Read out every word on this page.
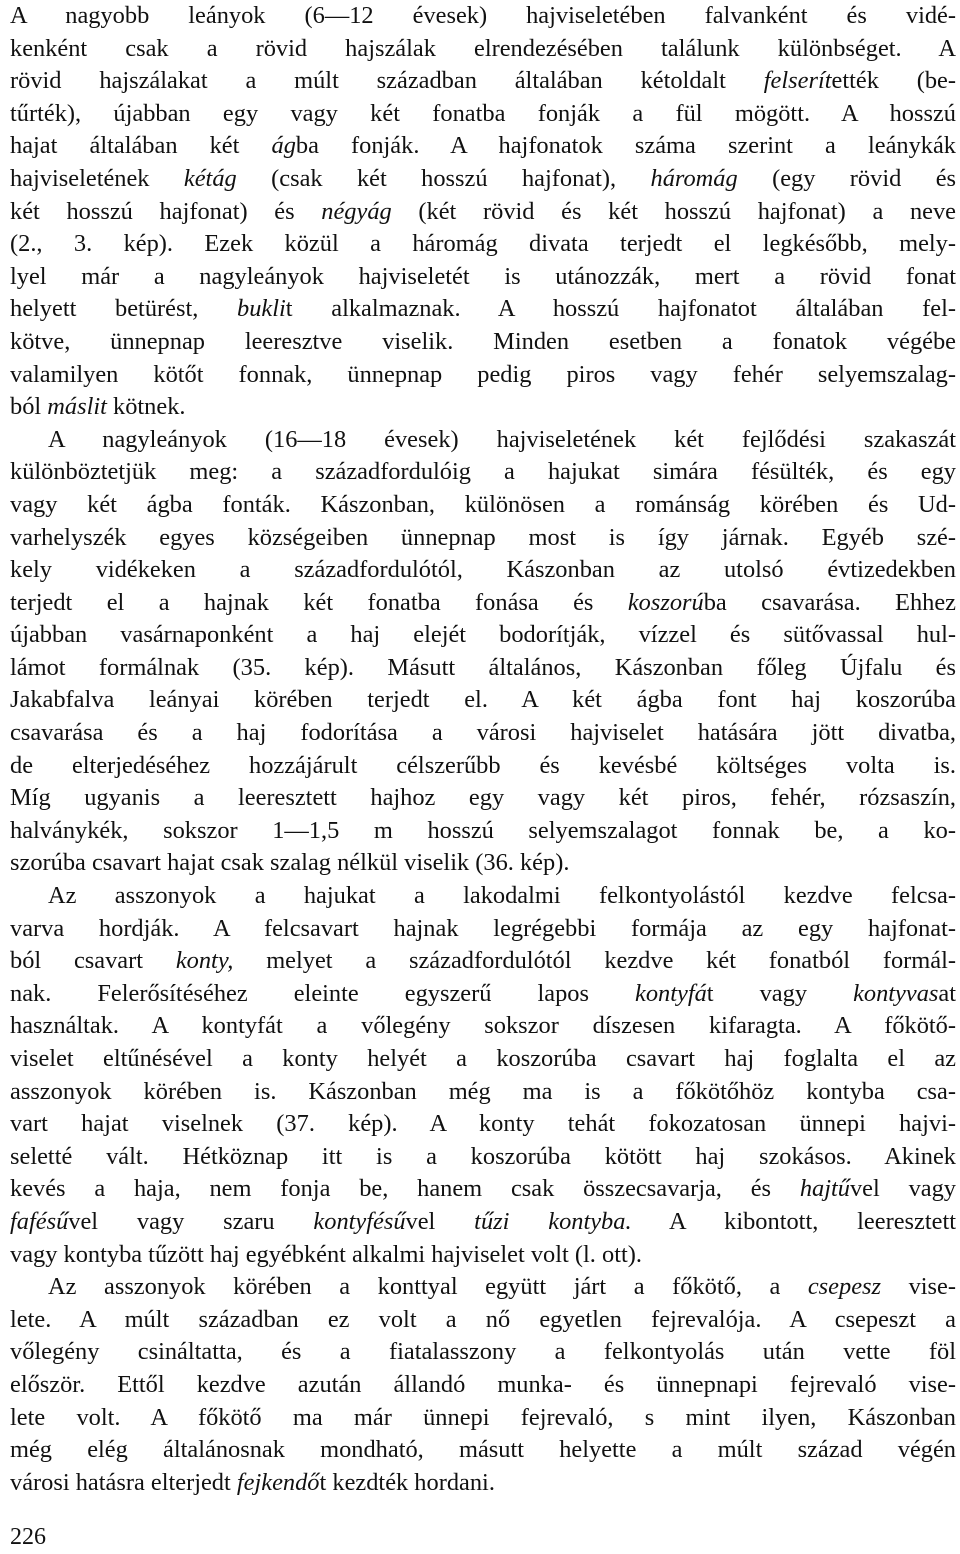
A nagyobb leányok (6—12 évesek) hajviseletében falvanként és vidé-
kenként csak a rövid hajszálak elrendezésében találunk különbséget. A
rövid hajszálakat a múlt században általában kétoldalt felserítették (be-
tűrték), újabban egy vagy két fonatba fonják a fül mögött. A hosszú
hajat általában két ágba fonják. A hajfonatok száma szerint a leánykák
hajviseletének kétág (csak két hosszú hajfonat), háromág (egy rövid és
két hosszú hajfonat) és négyág (két rövid és két hosszú hajfonat) a neve
(2., 3. kép). Ezek közül a háromág divata terjedt el legkésőbb, mely-
lyel már a nagyleányok hajviseletét is utánozzák, mert a rövid fonat
helyett betürést, buklit alkalmaznak. A hosszú hajfonatot általában fel-
kötve, ünnepnap leeresztve viselik. Minden esetben a fonatok végébe
valamilyen kötőt fonnak, ünnepnap pedig piros vagy fehér selyemszalag-
ból máslit kötnek.
A nagyleányok (16—18 évesek) hajviseletének két fejlődési szakaszát
különböztetjük meg: a századfordulóig a hajukat simára fésülték, és egy
vagy két ágba fonták. Kászonban, különösen a románság körében és Ud-
varhelyszék egyes községeiben ünnepnap most is így járnak. Egyéb szé-
kely vidékeken a századfordulótól, Kászonban az utolsó évtizedekben
terjedt el a hajnak két fonatba fonása és koszorúba csavarása. Ehhez
újabban vasárnaponként a haj elejét bodorítják, vízzel és sütővassal hul-
lámot formálnak (35. kép). Másutt általános, Kászonban főleg Újfalu és
Jakabfalva leányai körében terjedt el. A két ágba font haj koszorúba
csavarása és a haj fodorítása a városi hajviselet hatására jött divatba,
de elterjedéséhez hozzájárult célszerűbb és kevésbé költséges volta is.
Míg ugyanis a leeresztett hajhoz egy vagy két piros, fehér, rózsaszín,
halványkék, sokszor 1—1,5 m hosszú selyemszalagot fonnak be, a ko-
szorúba csavart hajat csak szalag nélkül viselik (36. kép).
Az asszonyok a hajukat a lakodalmi felkontyolástól kezdve felcsa-
varva hordják. A felcsavart hajnak legrégebbi formája az egy hajfonat-
ból csavart konty, melyet a századfordulótól kezdve két fonatból formál-
nak. Felerősítéséhez eleinte egyszerű lapos kontyfát vagy kontyvasat
használtak. A kontyfát a vőlegény sokszor díszesen kifaragta. A főkötő-
viselet eltűnésével a konty helyét a koszorúba csavart haj foglalta el az
asszonyok körében is. Kászonban még ma is a főkötőhöz kontyba csa-
vart hajat viselnek (37. kép). A konty tehát fokozatosan ünnepi hajvi-
seletté vált. Hétköznap itt is a koszorúba kötött haj szokásos. Akinek
kevés a haja, nem fonja be, hanem csak összecsavarja, és hajtűvel vagy
fafésűvel vagy szaru kontyfésűvel tűzi kontyba. A kibontott, leeresztett
vagy kontyba tűzött haj egyébként alkalmi hajviselet volt (l. ott).
Az asszonyok körében a konttyal együtt járt a főkötő, a csepesz vise-
lete. A múlt században ez volt a nő egyetlen fejrevalója. A csepeszt a
vőlegény csináltatta, és a fiatalasszony a felkontyolás után vette föl
először. Ettől kezdve azután állandó munka- és ünnepnapi fejrevaló vise-
lete volt. A főkötő ma már ünnepi fejrevaló, s mint ilyen, Kászonban
még elég általánosnak mondható, másutt helyette a múlt század végén
városi hatásra elterjedt fejkendőt kezdték hordani.
226
